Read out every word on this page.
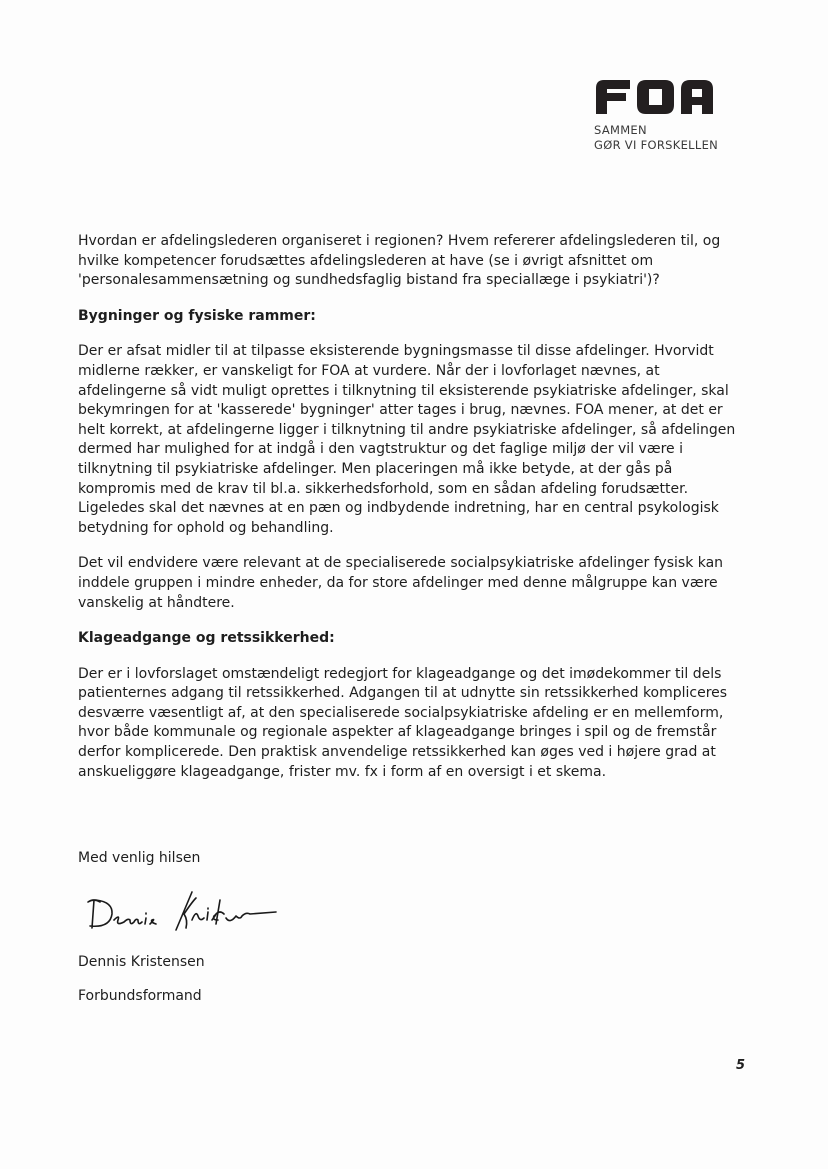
SAMMEN
GØR VI FORSKELLEN

Hvordan er afdelingslederen organiseret i regionen? Hvem refererer afdelingslederen til, og hvilke kompetencer forudsættes afdelingslederen at have (se i øvrigt afsnittet om 'personalesammensætning og sundhedsfaglig bistand fra speciallæge i psykiatri')?

Bygninger og fysiske rammer:

Der er afsat midler til at tilpasse eksisterende bygningsmasse til disse afdelinger. Hvorvidt midlerne rækker, er vanskeligt for FOA at vurdere. Når der i lovforlaget nævnes, at afdelingerne så vidt muligt oprettes i tilknytning til eksisterende psykiatriske afdelinger, skal bekymringen for at 'kasserede' bygninger' atter tages i brug, nævnes. FOA mener, at det er helt korrekt, at afdelingerne ligger i tilknytning til andre psykiatriske afdelinger, så afdelingen dermed har mulighed for at indgå i den vagtstruktur og det faglige miljø der vil være i tilknytning til psykiatriske afdelinger. Men placeringen må ikke betyde, at der gås på kompromis med de krav til bl.a. sikkerhedsforhold, som en sådan afdeling forudsætter. Ligeledes skal det nævnes at en pæn og indbydende indretning, har en central psykologisk betydning for ophold og behandling.

Det vil endvidere være relevant at de specialiserede socialpsykiatriske afdelinger fysisk kan inddele gruppen i mindre enheder, da for store afdelinger med denne målgruppe kan være vanskelig at håndtere.

Klageadgange og retssikkerhed:

Der er i lovforslaget omstændeligt redegjort for klageadgange og det imødekommer til dels patienternes adgang til retssikkerhed. Adgangen til at udnytte sin retssikkerhed kompliceres desværre væsentligt af, at den specialiserede socialpsykiatriske afdeling er en mellemform, hvor både kommunale og regionale aspekter af klageadgange bringes i spil og de fremstår derfor komplicerede. Den praktisk anvendelige retssikkerhed kan øges ved i højere grad at anskueliggøre klageadgange, frister mv. fx i form af en oversigt i et skema.

Med venlig hilsen
Dennis Kristensen
Forbundsformand
5
